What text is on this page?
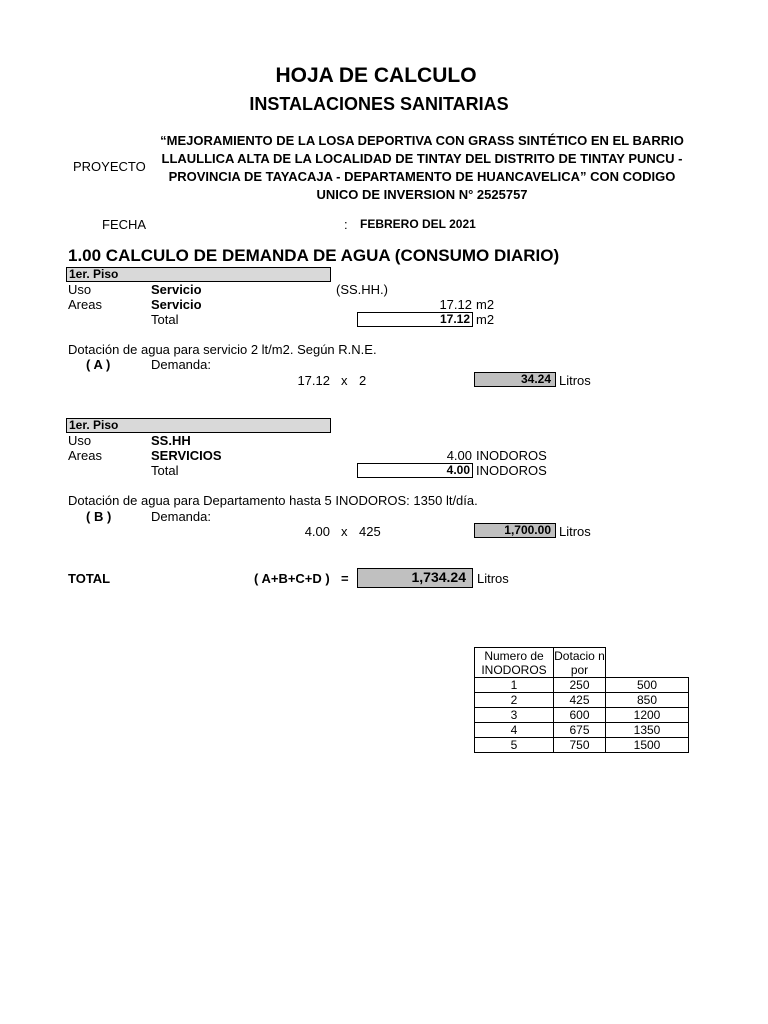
HOJA DE CALCULO
INSTALACIONES SANITARIAS
PROYECTO
“MEJORAMIENTO DE LA LOSA DEPORTIVA CON GRASS SINTÉTICO EN EL BARRIO LLAULLICA ALTA DE LA LOCALIDAD DE TINTAY DEL DISTRITO DE TINTAY PUNCU - PROVINCIA DE TAYACAJA - DEPARTAMENTO DE HUANCAVELICA” CON CODIGO UNICO DE INVERSION N° 2525757
FECHA	: FEBRERO DEL 2021
1.00 CALCULO DE DEMANDA DE AGUA (CONSUMO DIARIO)
1er. Piso
Uso	Servicio	(SS.HH.)
Areas	Servicio	17.12 m2
Total	17.12 m2
Dotación de agua para servicio 2 lt/m2. Según R.N.E.
( A )	Demanda:
17.12 x 2	34.24 Litros
1er. Piso
Uso	SS.HH
Areas	SERVICIOS	4.00 INODOROS
Total	4.00 INODOROS
Dotación de agua para Departamento hasta 5 INODOROS: 1350 lt/día.
( B )	Demanda:
4.00 x 425	1,700.00 Litros
TOTAL	( A+B+C+D ) =	1,734.24 Litros
Numero de INODOROS	Dotacio n por	
1	250	500
2	425	850
3	600	1200
4	675	1350
5	750	1500
